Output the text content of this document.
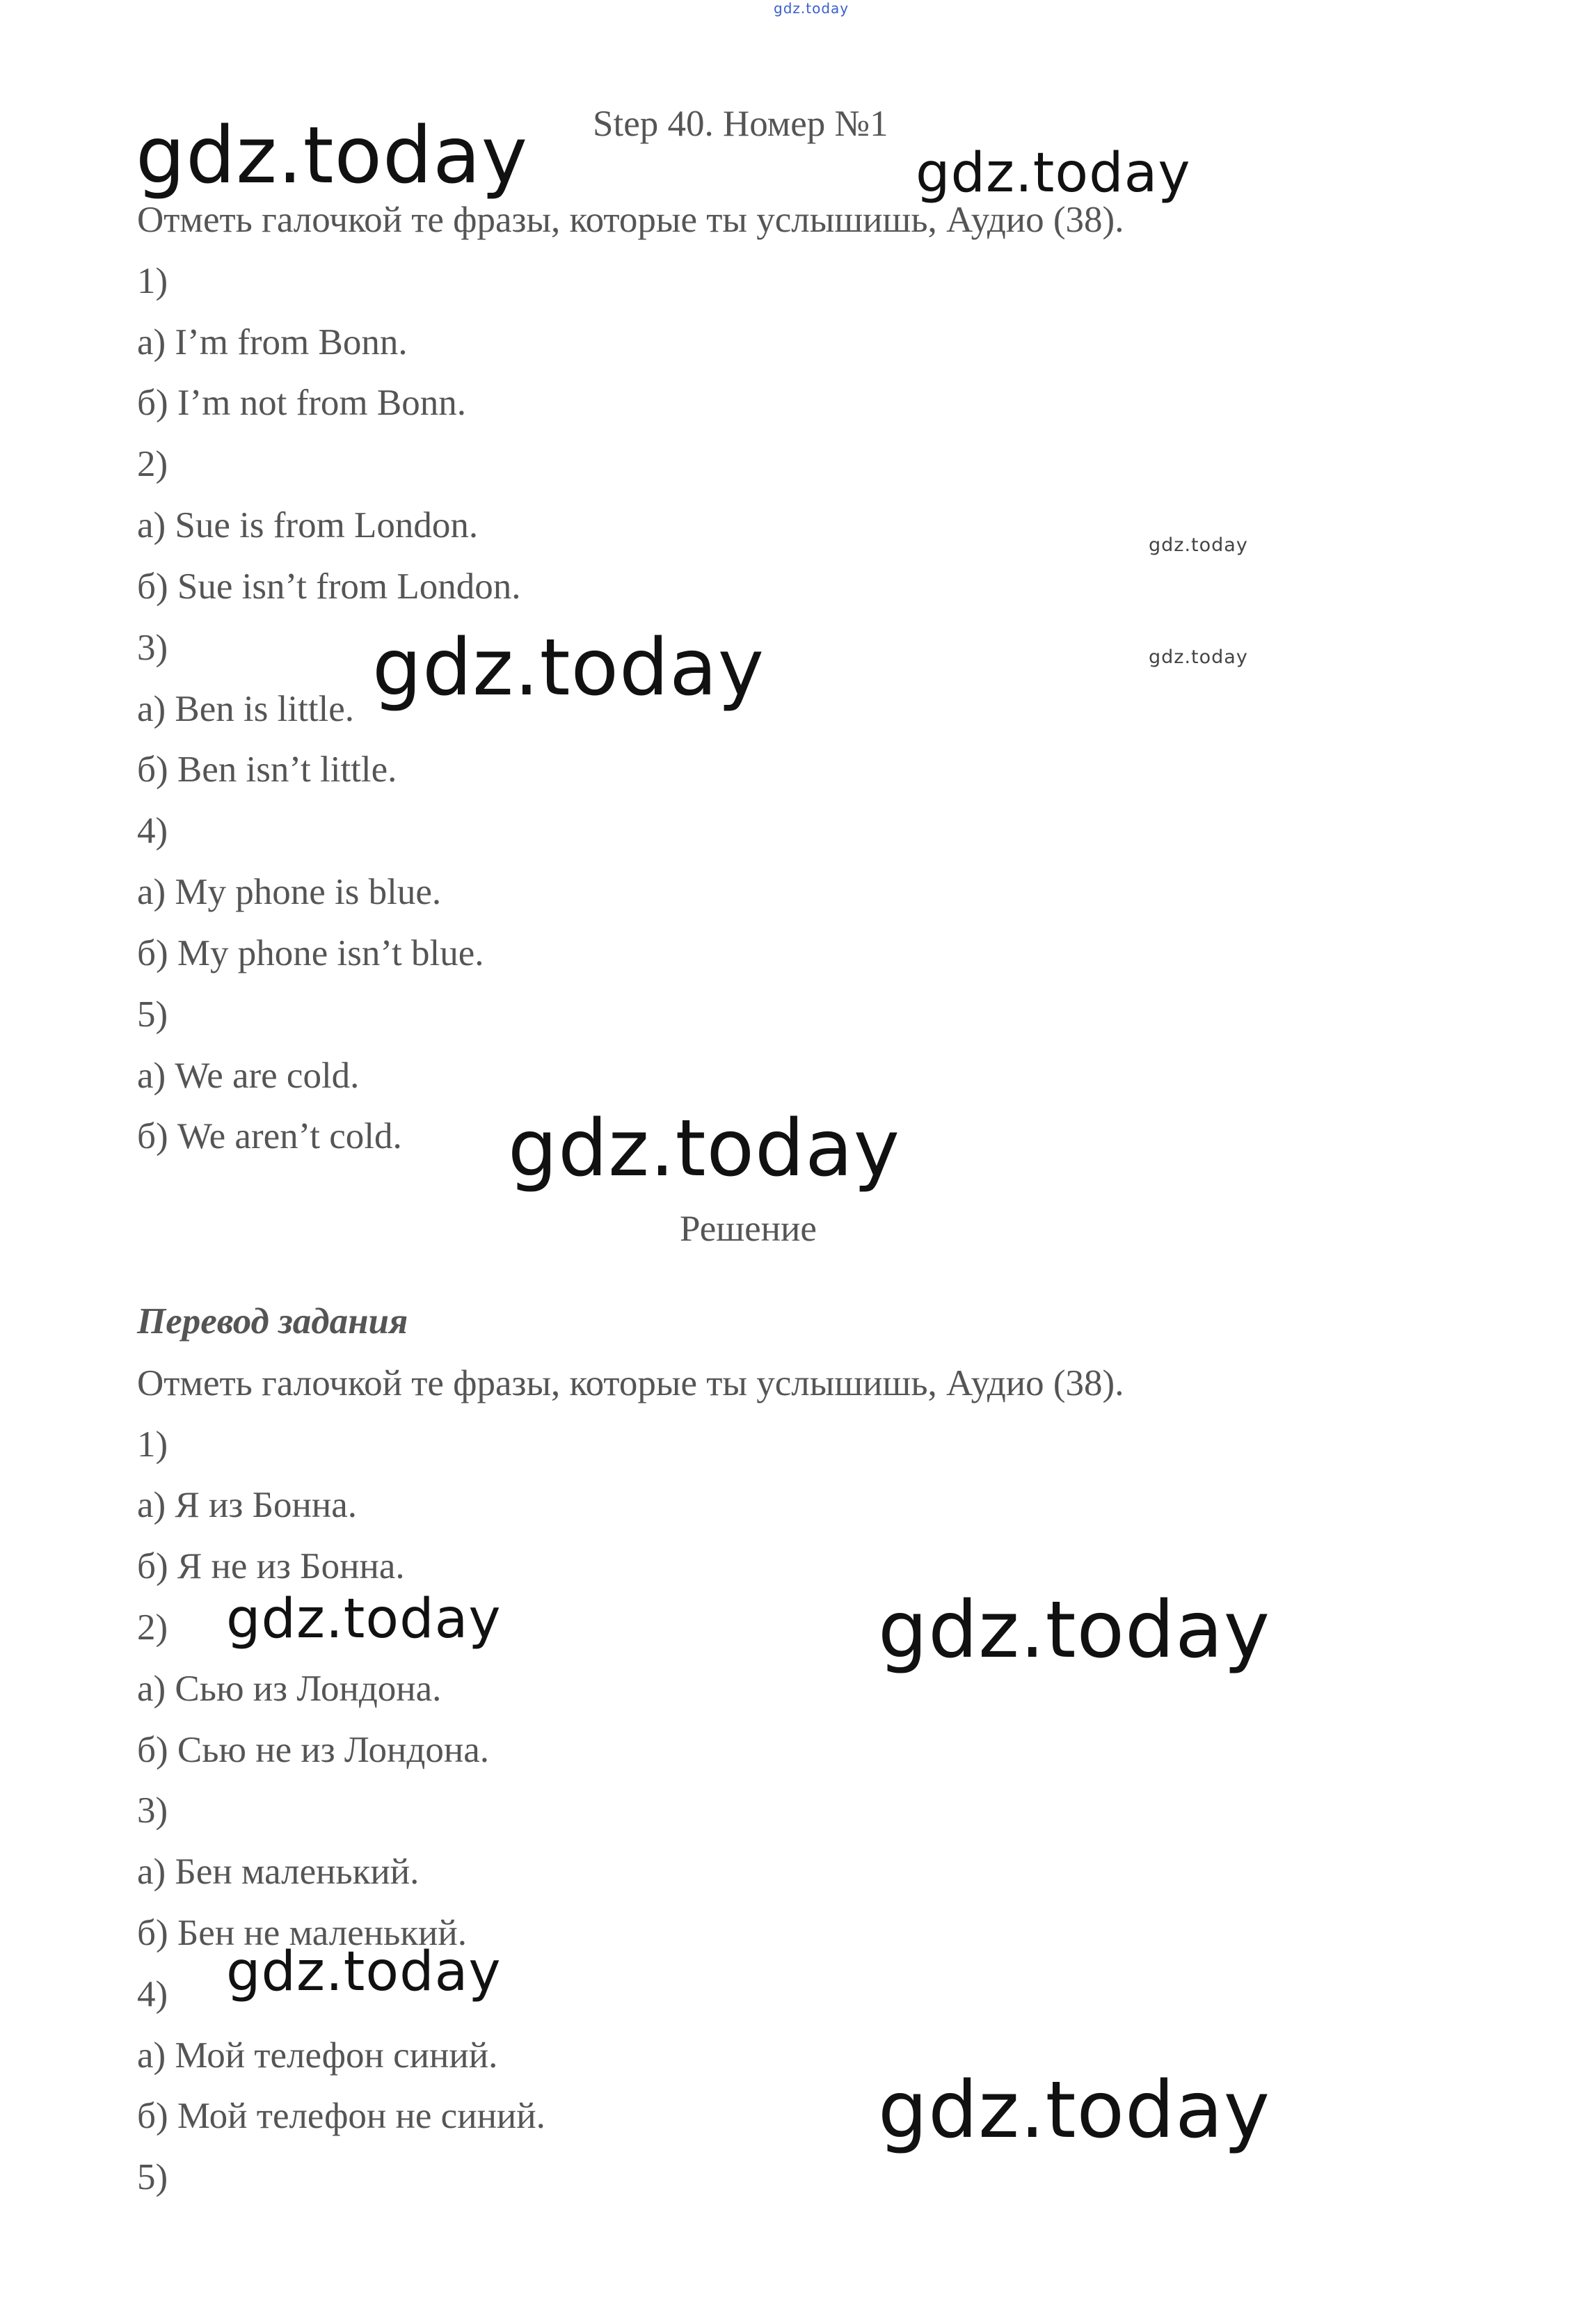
Step 40. Номер №1
Отметь галочкой те фразы, которые ты услышишь, Аудио (38).
1)
а) I’m from Bonn.
б) I’m not from Bonn.
2)
а) Sue is from London.
б) Sue isn’t from London.
3)
а) Ben is little.
б) Ben isn’t little.
4)
а) My phone is blue.
б) My phone isn’t blue.
5)
а) We are cold.
б) We aren’t cold.
Решение
Перевод задания
Отметь галочкой те фразы, которые ты услышишь, Аудио (38).
1)
а) Я из Бонна.
б) Я не из Бонна.
2)
а) Сью из Лондона.
б) Сью не из Лондона.
3)
а) Бен маленький.
б) Бен не маленький.
4)
а) Мой телефон синий.
б) Мой телефон не синий.
5)
gdz.today
gdz.today	gdz.today
gdz.today
gdz.today
gdz.today
gdz.today
gdz.today	gdz.today
gdz.today
gdz.today
